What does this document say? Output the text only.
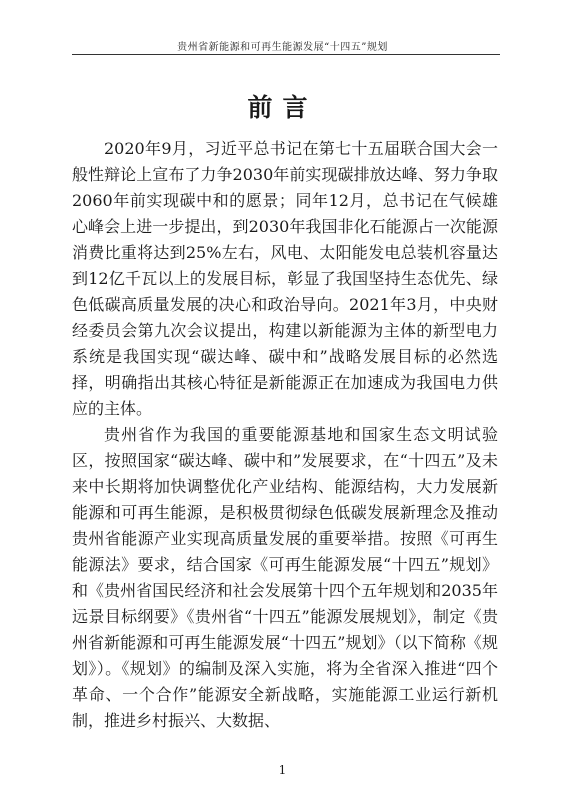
贵州省新能源和可再生能源发展“十四五”规划
前言

2020年9月，习近平总书记在第七十五届联合国大会一般性辩论上宣布了力争2030年前实现碳排放达峰、努力争取2060年前实现碳中和的愿景；同年12月，总书记在气候雄心峰会上进一步提出，到2030年我国非化石能源占一次能源消费比重将达到25%左右，风电、太阳能发电总装机容量达到12亿千瓦以上的发展目标，彰显了我国坚持生态优先、绿色低碳高质量发展的决心和政治导向。2021年3月，中央财经委员会第九次会议提出，构建以新能源为主体的新型电力系统是我国实现“碳达峰、碳中和”战略发展目标的必然选择，明确指出其核心特征是新能源正在加速成为我国电力供应的主体。

贵州省作为我国的重要能源基地和国家生态文明试验区，按照国家“碳达峰、碳中和”发展要求，在“十四五”及未来中长期将加快调整优化产业结构、能源结构，大力发展新能源和可再生能源，是积极贯彻绿色低碳发展新理念及推动贵州省能源产业实现高质量发展的重要举措。按照《可再生能源法》要求，结合国家《可再生能源发展“十四五”规划》和《贵州省国民经济和社会发展第十四个五年规划和2035年远景目标纲要》《贵州省“十四五”能源发展规划》，制定《贵州省新能源和可再生能源发展“十四五”规划》（以下简称《规划》）。《规划》的编制及深入实施，将为全省深入推进“四个革命、一个合作”能源安全新战略，实施能源工业运行新机制，推进乡村振兴、大数据、

1
